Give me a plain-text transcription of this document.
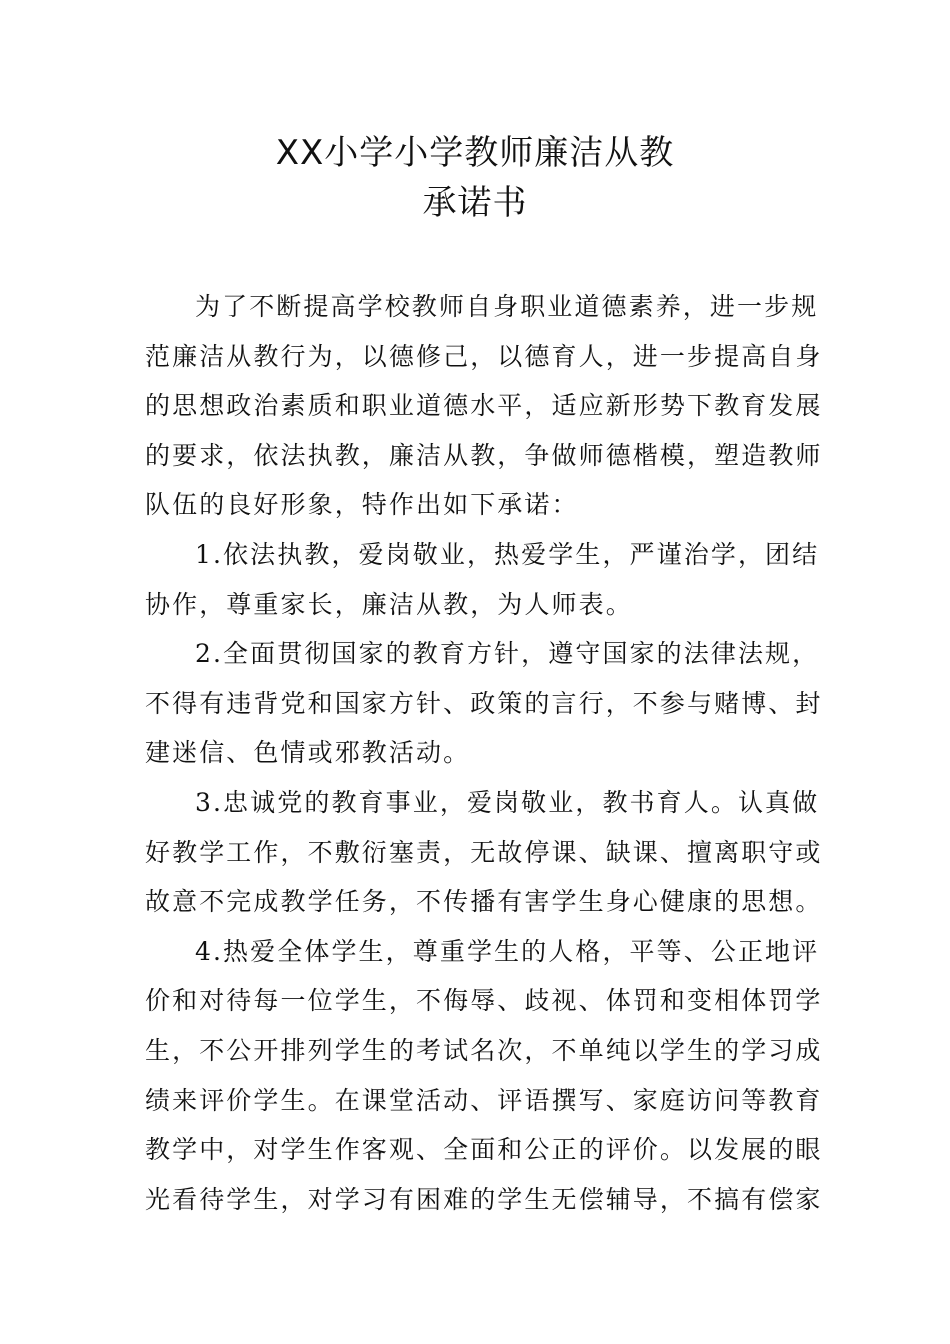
XX小学小学教师廉洁从教
承诺书
为了不断提高学校教师自身职业道德素养，进一步规
范廉洁从教行为，以德修己，以德育人，进一步提高自身
的思想政治素质和职业道德水平，适应新形势下教育发展
的要求，依法执教，廉洁从教，争做师德楷模，塑造教师
队伍的良好形象，特作出如下承诺：
1.依法执教，爱岗敬业，热爱学生，严谨治学，团结
协作，尊重家长，廉洁从教，为人师表。
2.全面贯彻国家的教育方针，遵守国家的法律法规，
不得有违背党和国家方针、政策的言行，不参与赌博、封
建迷信、色情或邪教活动。
3.忠诚党的教育事业，爱岗敬业，教书育人。认真做
好教学工作，不敷衍塞责，无故停课、缺课、擅离职守或
故意不完成教学任务，不传播有害学生身心健康的思想。
4.热爱全体学生，尊重学生的人格，平等、公正地评
价和对待每一位学生，不侮辱、歧视、体罚和变相体罚学
生，不公开排列学生的考试名次，不单纯以学生的学习成
绩来评价学生。在课堂活动、评语撰写、家庭访问等教育
教学中，对学生作客观、全面和公正的评价。以发展的眼
光看待学生，对学习有困难的学生无偿辅导，不搞有偿家
